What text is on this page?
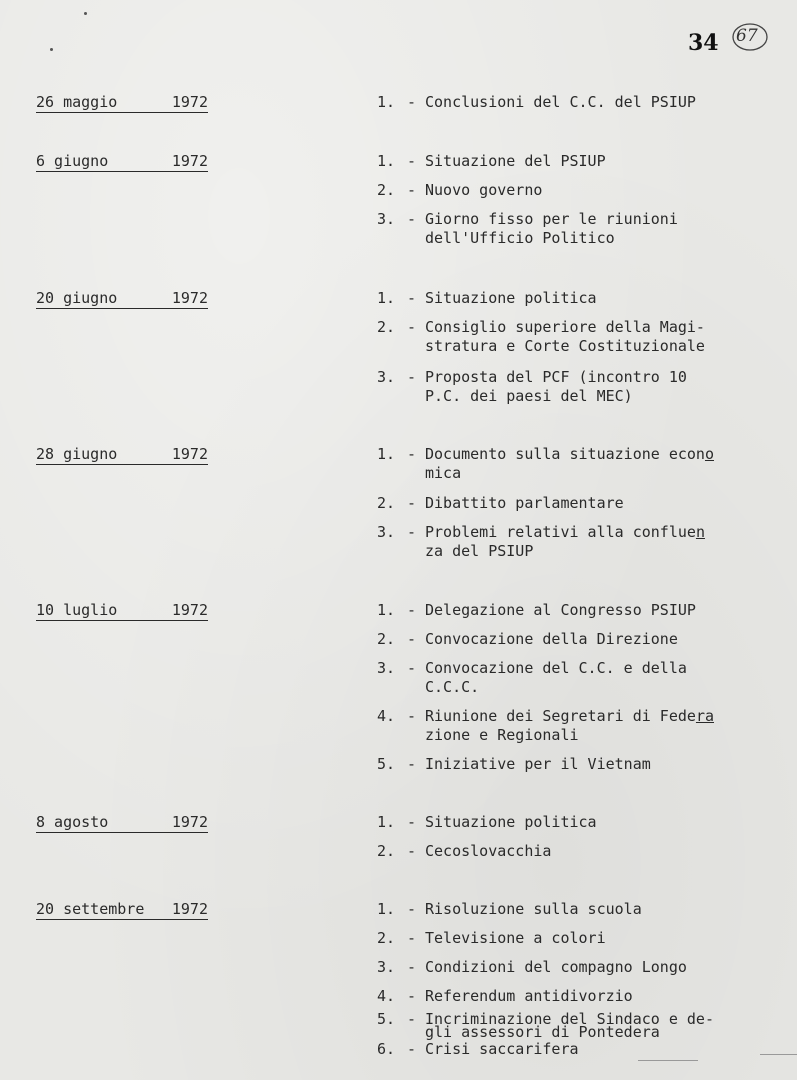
34 67
26 maggio	1972	1. - Conclusioni del C.C. del PSIUP
6 giugno	1972	1. - Situazione del PSIUP
2. - Nuovo governo
3. - Giorno fisso per le riunioni
dell'Ufficio Politico
20 giugno	1972	1. - Situazione politica
2. - Consiglio superiore della Magi-
stratura e Corte Costituzionale
3. - Proposta del PCF (incontro 10
P.C. dei paesi del MEC)
28 giugno	1972	1. - Documento sulla situazione econo
mica
2. - Dibattito parlamentare
3. - Problemi relativi alla confluen
za del PSIUP
10 luglio	1972	1. - Delegazione al Congresso PSIUP
2. - Convocazione della Direzione
3. - Convocazione del C.C. e della
C.C.C.
4. - Riunione dei Segretari di Federa
zione e Regionali
5. - Iniziative per il Vietnam
8 agosto	1972	1. - Situazione politica
2. - Cecoslovacchia
20 settembre 1972	1. - Risoluzione sulla scuola
2. - Televisione a colori
3. - Condizioni del compagno Longo
4. - Referendum antidivorzio
5. - Incriminazione del Sindaco e de-
gli assessori di Pontedera
6. - Crisi saccarifera
